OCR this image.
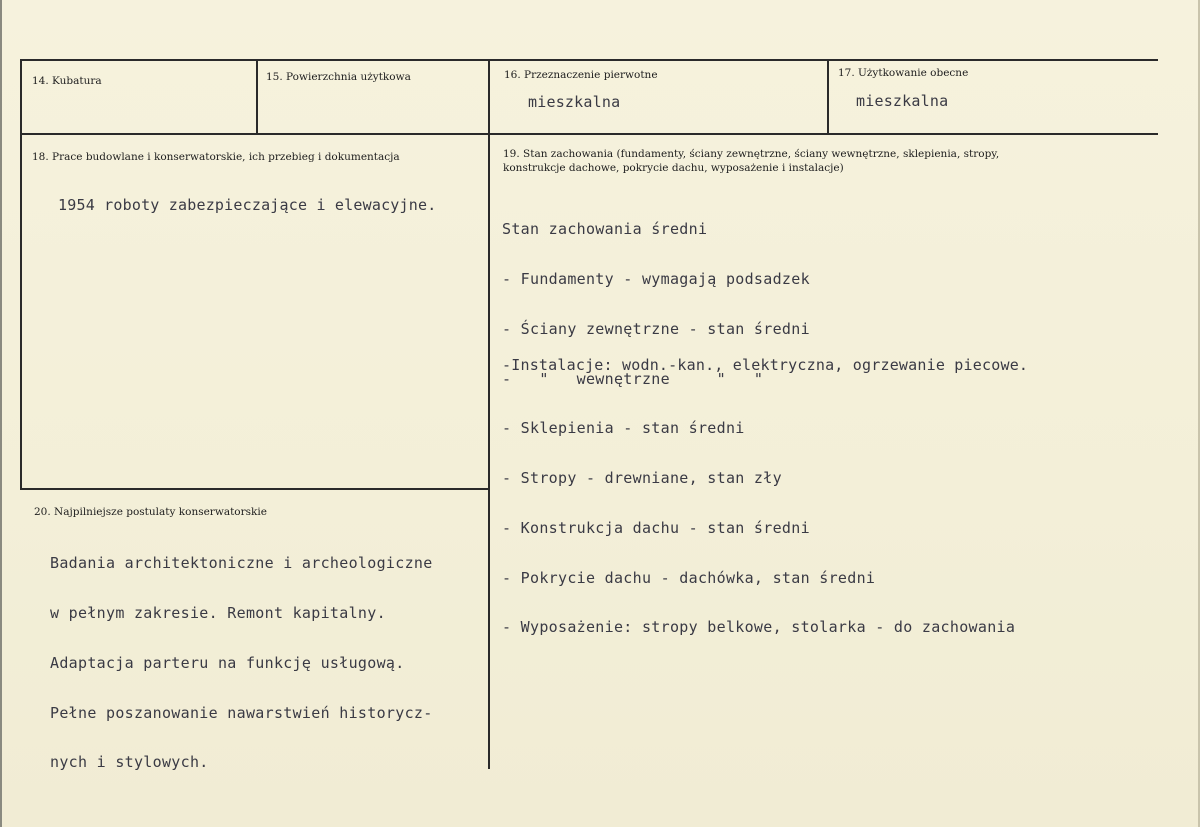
14. Kubatura	15. Powierzchnia użytkowa	16. Przeznaczenie pierwotne
mieszkalna
17. Użytkowanie obecne
mieszkalna
18. Prace budowlane i konserwatorskie, ich przebieg i dokumentacja
1954 roboty zabezpieczające i elewacyjne.
19. Stan zachowania (fundamenty, ściany zewnętrzne, ściany wewnętrzne, sklepienia, stropy,
konstrukcje dachowe, pokrycie dachu, wyposażenie i instalacje)

Stan zachowania średni

- Fundamenty - wymagają podsadzek

- Ściany zewnętrzne - stan średni

-   "   wewnętrzne     "   "

- Sklepienia - stan średni

- Stropy - drewniane, stan zły

- Konstrukcja dachu - stan średni

- Pokrycie dachu - dachówka, stan średni

- Wyposażenie: stropy belkowe, stolarka - do zachowania

-Instalacje: wodn.-kan., elektryczna, ogrzewanie piecowe.
20. Najpilniejsze postulaty konserwatorskie

Badania architektoniczne i archeologiczne

w pełnym zakresie. Remont kapitalny.

Adaptacja parteru na funkcję usługową.

Pełne poszanowanie nawarstwień historycz-

nych i stylowych.
